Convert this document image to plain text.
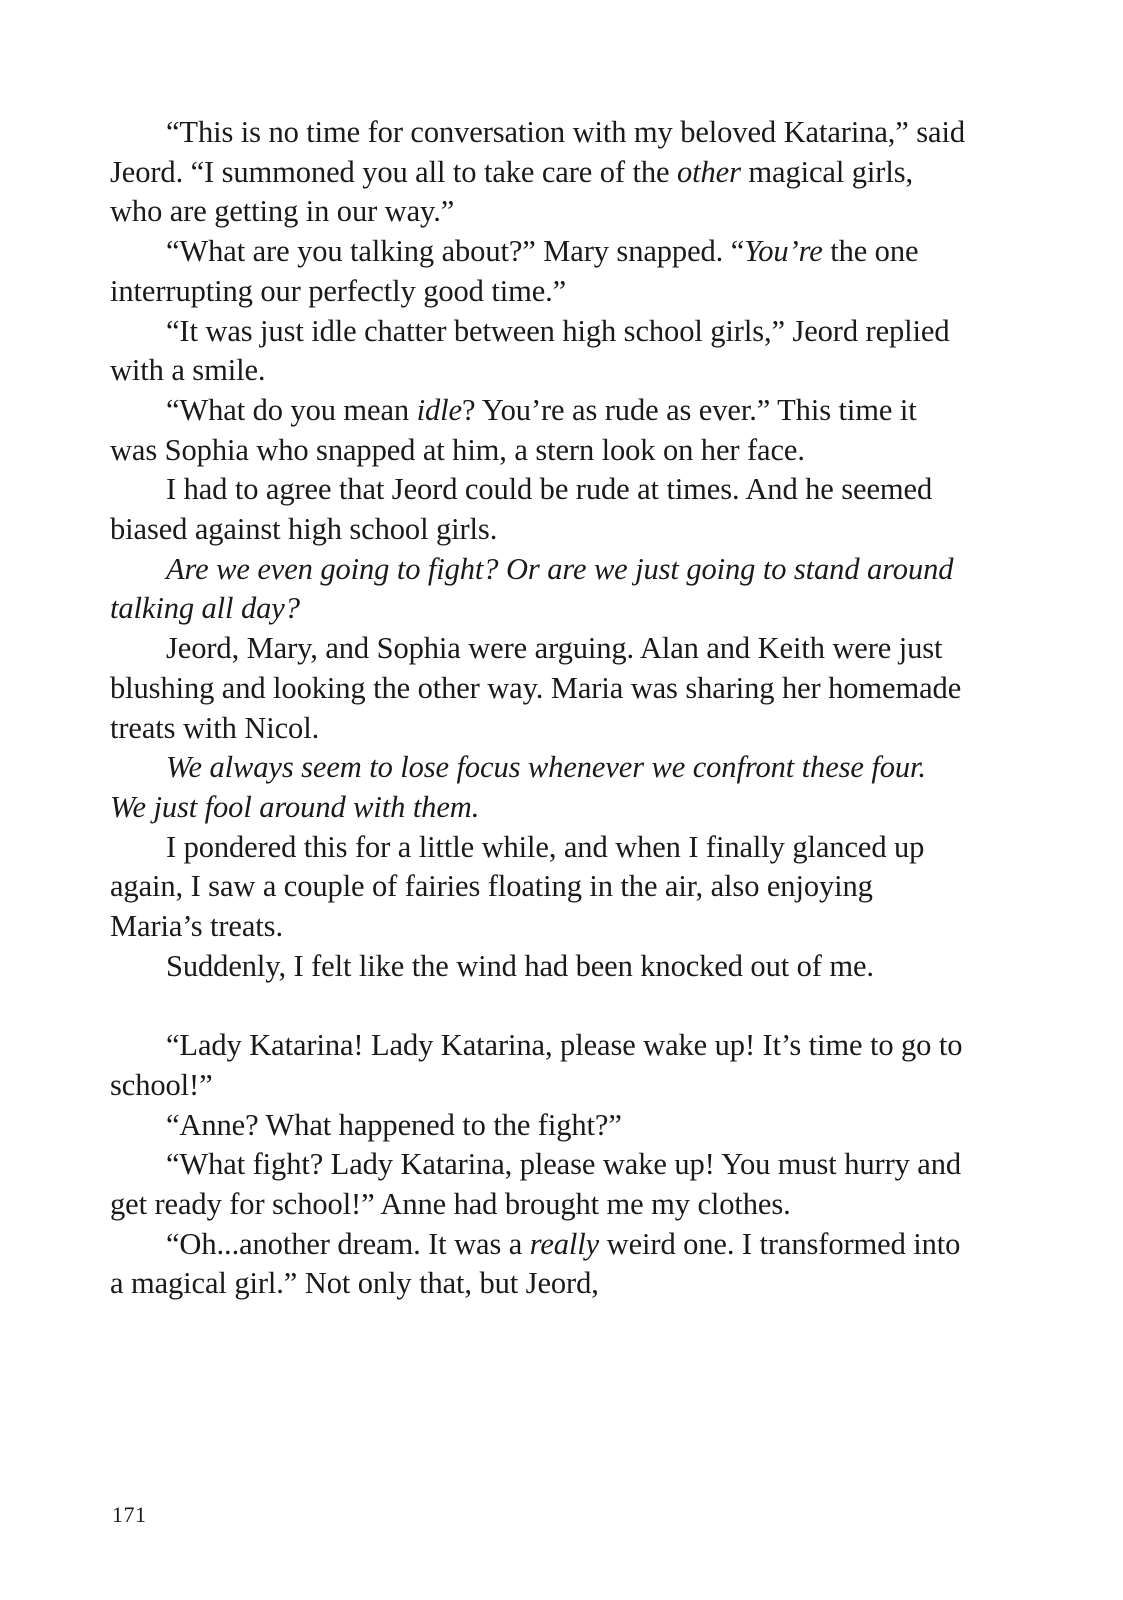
“This is no time for conversation with my beloved Katarina,” said Jeord. “I summoned you all to take care of the other magical girls, who are getting in our way.”

“What are you talking about?” Mary snapped. “You’re the one interrupting our perfectly good time.”

“It was just idle chatter between high school girls,” Jeord replied with a smile.

“What do you mean idle? You’re as rude as ever.” This time it was Sophia who snapped at him, a stern look on her face.

I had to agree that Jeord could be rude at times. And he seemed biased against high school girls.

Are we even going to fight? Or are we just going to stand around talking all day?

Jeord, Mary, and Sophia were arguing. Alan and Keith were just blushing and looking the other way. Maria was sharing her homemade treats with Nicol.

We always seem to lose focus whenever we confront these four. We just fool around with them.

I pondered this for a little while, and when I finally glanced up again, I saw a couple of fairies floating in the air, also enjoying Maria’s treats.

Suddenly, I felt like the wind had been knocked out of me.

“Lady Katarina! Lady Katarina, please wake up! It’s time to go to school!”

“Anne? What happened to the fight?”

“What fight? Lady Katarina, please wake up! You must hurry and get ready for school!” Anne had brought me my clothes.

“Oh...another dream. It was a really weird one. I transformed into a magical girl.” Not only that, but Jeord,

171
